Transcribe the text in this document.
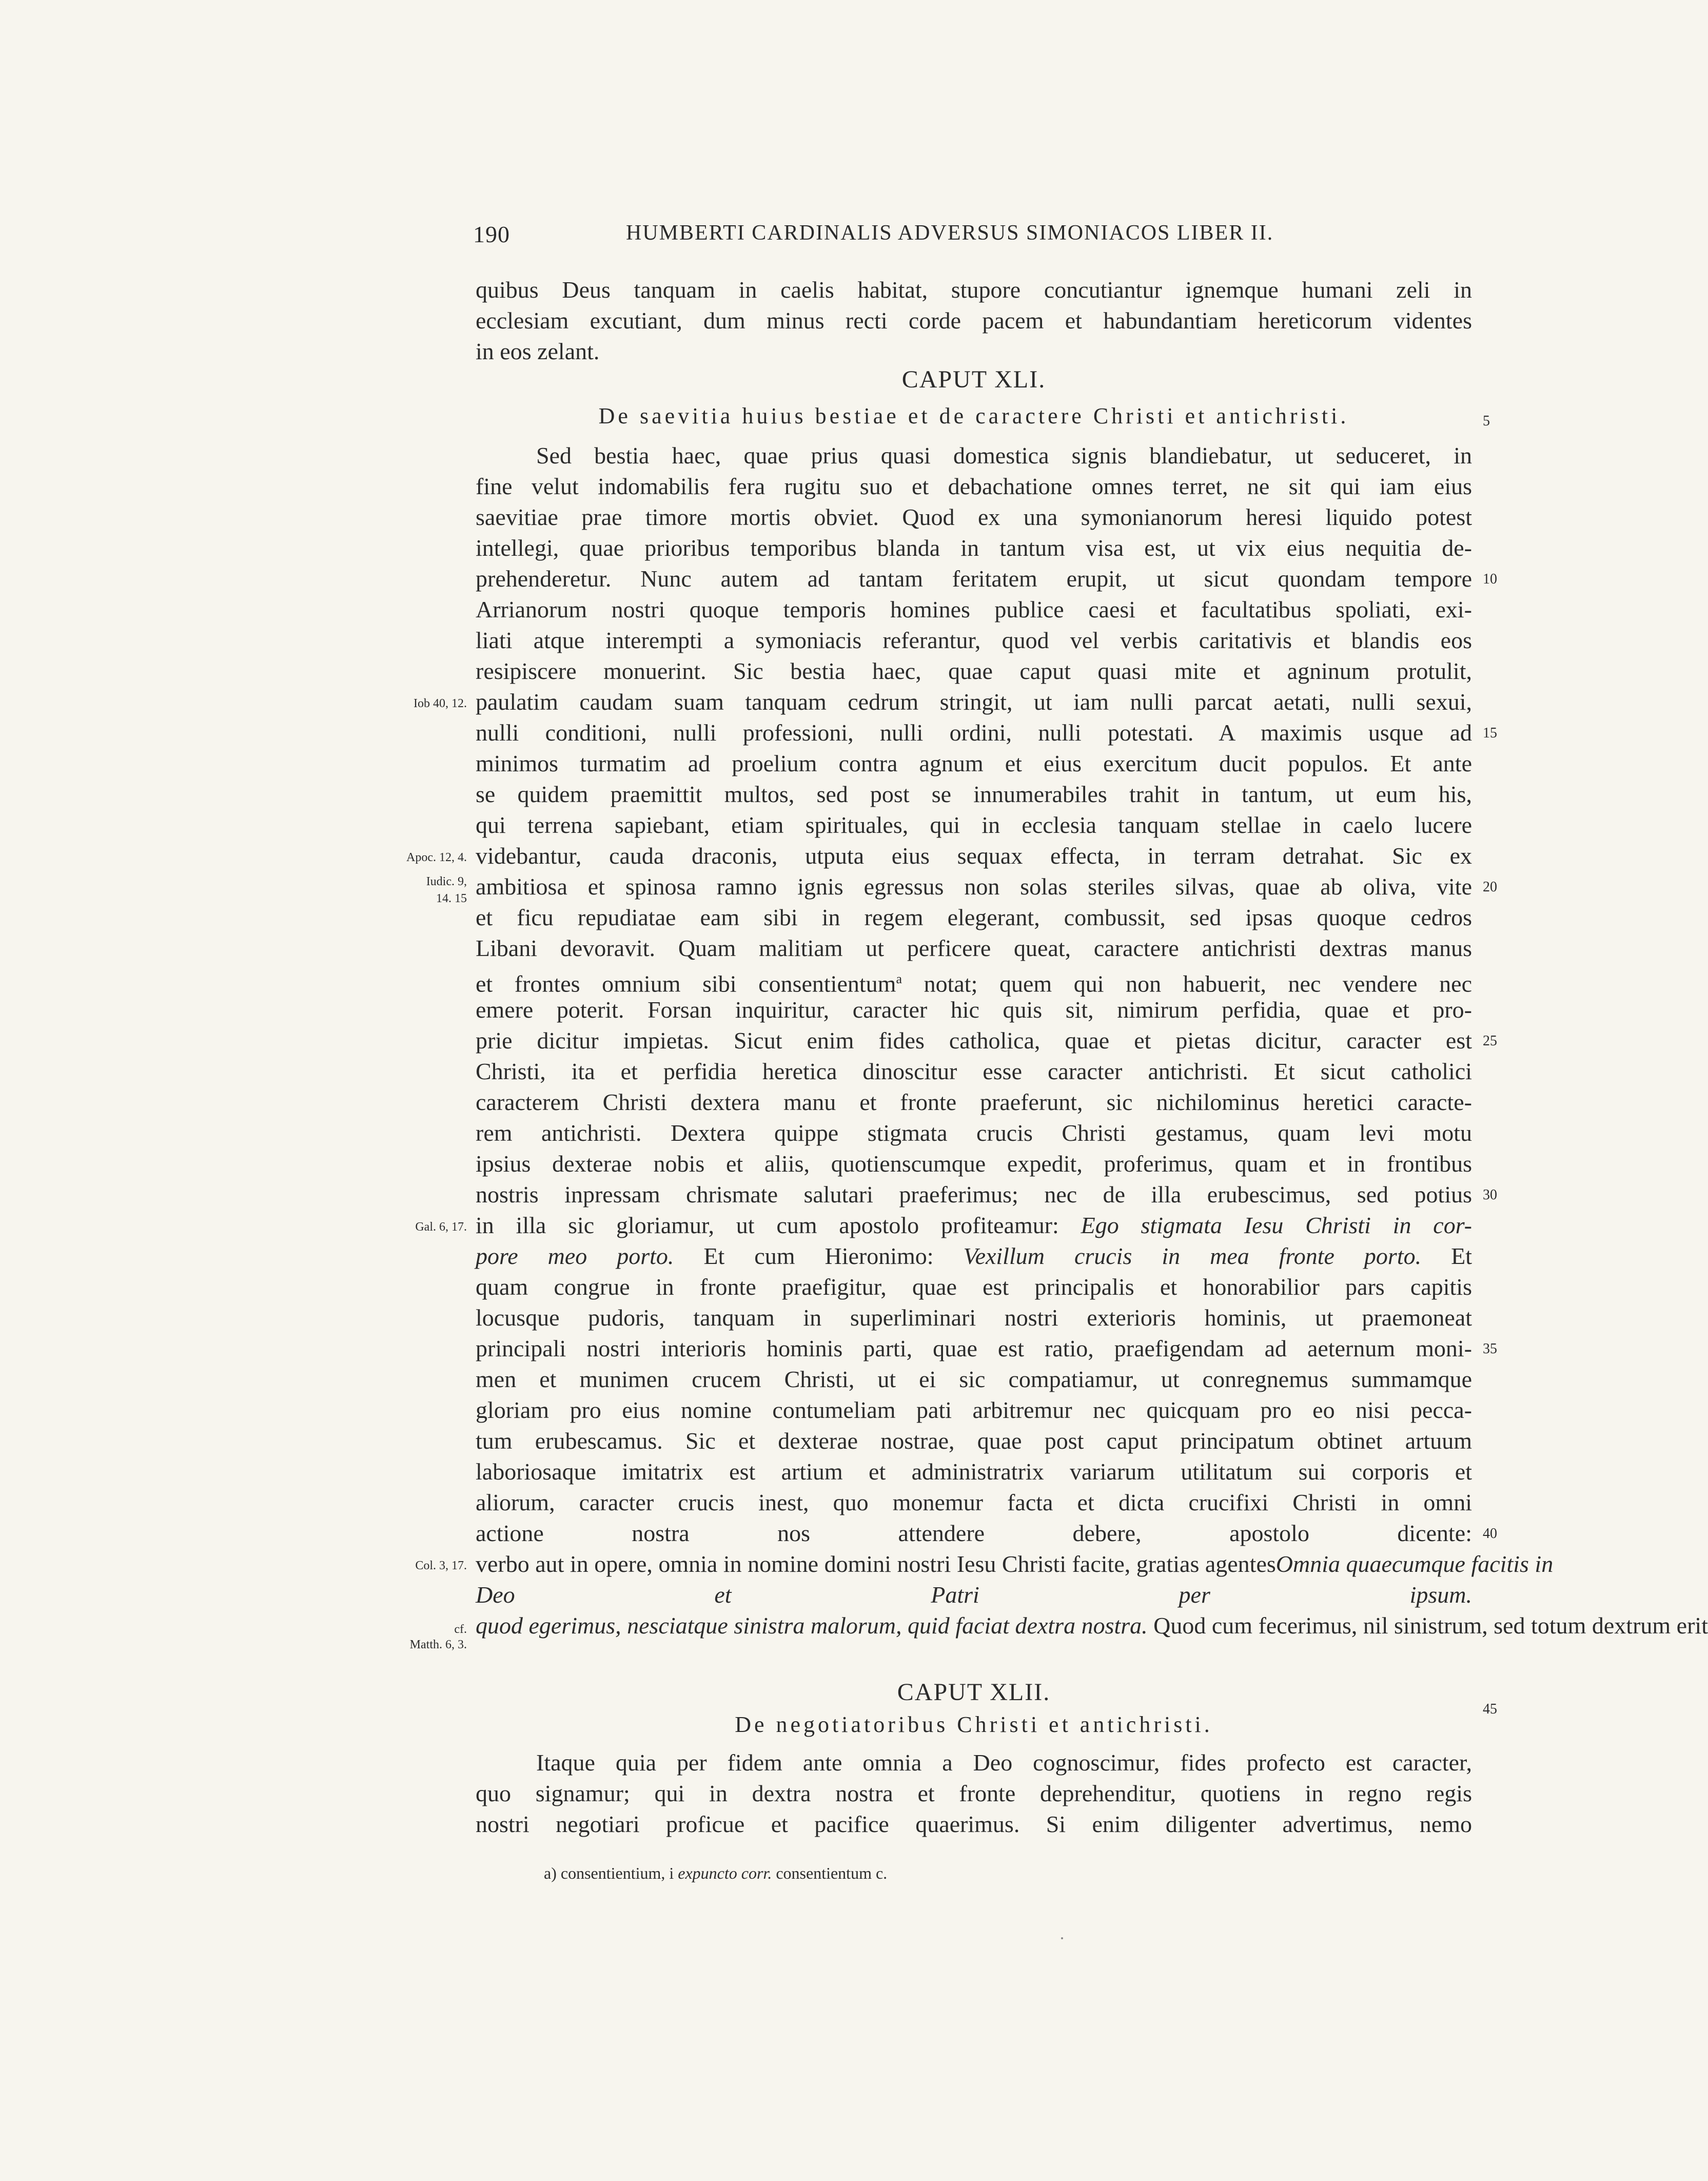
190	HUMBERTI CARDINALIS ADVERSUS SIMONIACOS LIBER II.
quibus Deus tanquam in caelis habitat, stupore concutiantur ignemque humani zeli in
ecclesiam excutiant, dum minus recti corde pacem et habundantiam hereticorum videntes
in eos zelant.
CAPUT XLI.
De saevitia huius bestiae et de caractere Christi et antichristi.	5
Sed bestia haec, quae prius quasi domestica signis blandiebatur, ut seduceret, in
fine velut indomabilis fera rugitu suo et debachatione omnes terret, ne sit qui iam eius
saevitiae prae timore mortis obviet. Quod ex una symonianorum heresi liquido potest
intellegi, quae prioribus temporibus blanda in tantum visa est, ut vix eius nequitia de-
prehenderetur. Nunc autem ad tantam feritatem erupit, ut sicut quondam tempore 10
Arrianorum nostri quoque temporis homines publice caesi et facultatibus spoliati, exi-
liati atque interempti a symoniacis referantur, quod vel verbis caritativis et blandis eos
resipiscere monuerint. Sic bestia haec, quae caput quasi mite et agninum protulit,
Iob 40, 12. paulatim caudam suam tanquam cedrum stringit, ut iam nulli parcat aetati, nulli sexui,
nulli conditioni, nulli professioni, nulli ordini, nulli potestati. A maximis usque ad 15
minimos turmatim ad proelium contra agnum et eius exercitum ducit populos. Et ante
se quidem praemittit multos, sed post se innumerabiles trahit in tantum, ut eum his,
qui terrena sapiebant, etiam spirituales, qui in ecclesia tanquam stellae in caelo lucere
Apoc. 12, 4. videbantur, cauda draconis, utputa eius sequax effecta, in terram detrahat. Sic ex
Iudic. 9,
14. 15 ambitiosa et spinosa ramno ignis egressus non solas steriles silvas, quae ab oliva, vite 20
et ficu repudiatae eam sibi in regem elegerant, combussit, sed ipsas quoque cedros
Libani devoravit. Quam malitiam ut perficere queat, caractere antichristi dextras manus
et frontes omnium sibi consentientum$^a$ notat; quem qui non habuerit, nec vendere nec
emere poterit. Forsan inquiritur, caracter hic quis sit, nimirum perfidia, quae et pro-
prie dicitur impietas. Sicut enim fides catholica, quae et pietas dicitur, caracter est 25
Christi, ita et perfidia heretica dinoscitur esse caracter antichristi. Et sicut catholici
caracterem Christi dextera manu et fronte praeferunt, sic nichilominus heretici caracte-
rem antichristi. Dextera quippe stigmata crucis Christi gestamus, quam levi motu
ipsius dexterae nobis et aliis, quotienscumque expedit, proferimus, quam et in frontibus
nostris inpressam chrismate salutari praeferimus; nec de illa erubescimus, sed potius 30
Gal. 6, 17. in illa sic gloriamur, ut cum apostolo profiteamur: Ego stigmata Iesu Christi in cor-
pore meo porto. Et cum Hieronimo: Vexillum crucis in mea fronte porto. Et
quam congrue in fronte praefigitur, quae est principalis et honorabilior pars capitis
locusque pudoris, tanquam in superliminari nostri exterioris hominis, ut praemoneat
principali nostri interioris hominis parti, quae est ratio, praefigendam ad aeternum moni- 35
men et munimen crucem Christi, ut ei sic compatiamur, ut conregnemus summamque
gloriam pro eius nomine contumeliam pati arbitremur nec quicquam pro eo nisi pecca-
tum erubescamus. Sic et dexterae nostrae, quae post caput principatum obtinet artuum
laboriosaque imitatrix est artium et administratrix variarum utilitatum sui corporis et
aliorum, caracter crucis inest, quo monemur facta et dicta crucifixi Christi in omni
actione nostra nos attendere debere, apostolo dicente: 40
Col. 3, 17. verbo aut in opere, omnia in nomine domini nostri Iesu Christi facite, gratias agentesOmnia quaecumque facitis in
Deo et Patri per ipsum.
quod egerimus, nesciatque sinistra malorum, quid faciat dextra nostra. Quod cum fecerimus, nil sinistrum, sed totum dextrum erit
cf.
Matth. 6, 3.
CAPUT XLII.
45
De negotiatoribus Christi et antichristi.
Itaque quia per fidem ante omnia a Deo cognoscimur, fides profecto est caracter,
quo signamur; qui in dextra nostra et fronte deprehenditur, quotiens in regno regis
nostri negotiari proficue et pacifice quaerimus. Si enim diligenter advertimus, nemo
a) consentientium, i expuncto corr. consentientum c.
